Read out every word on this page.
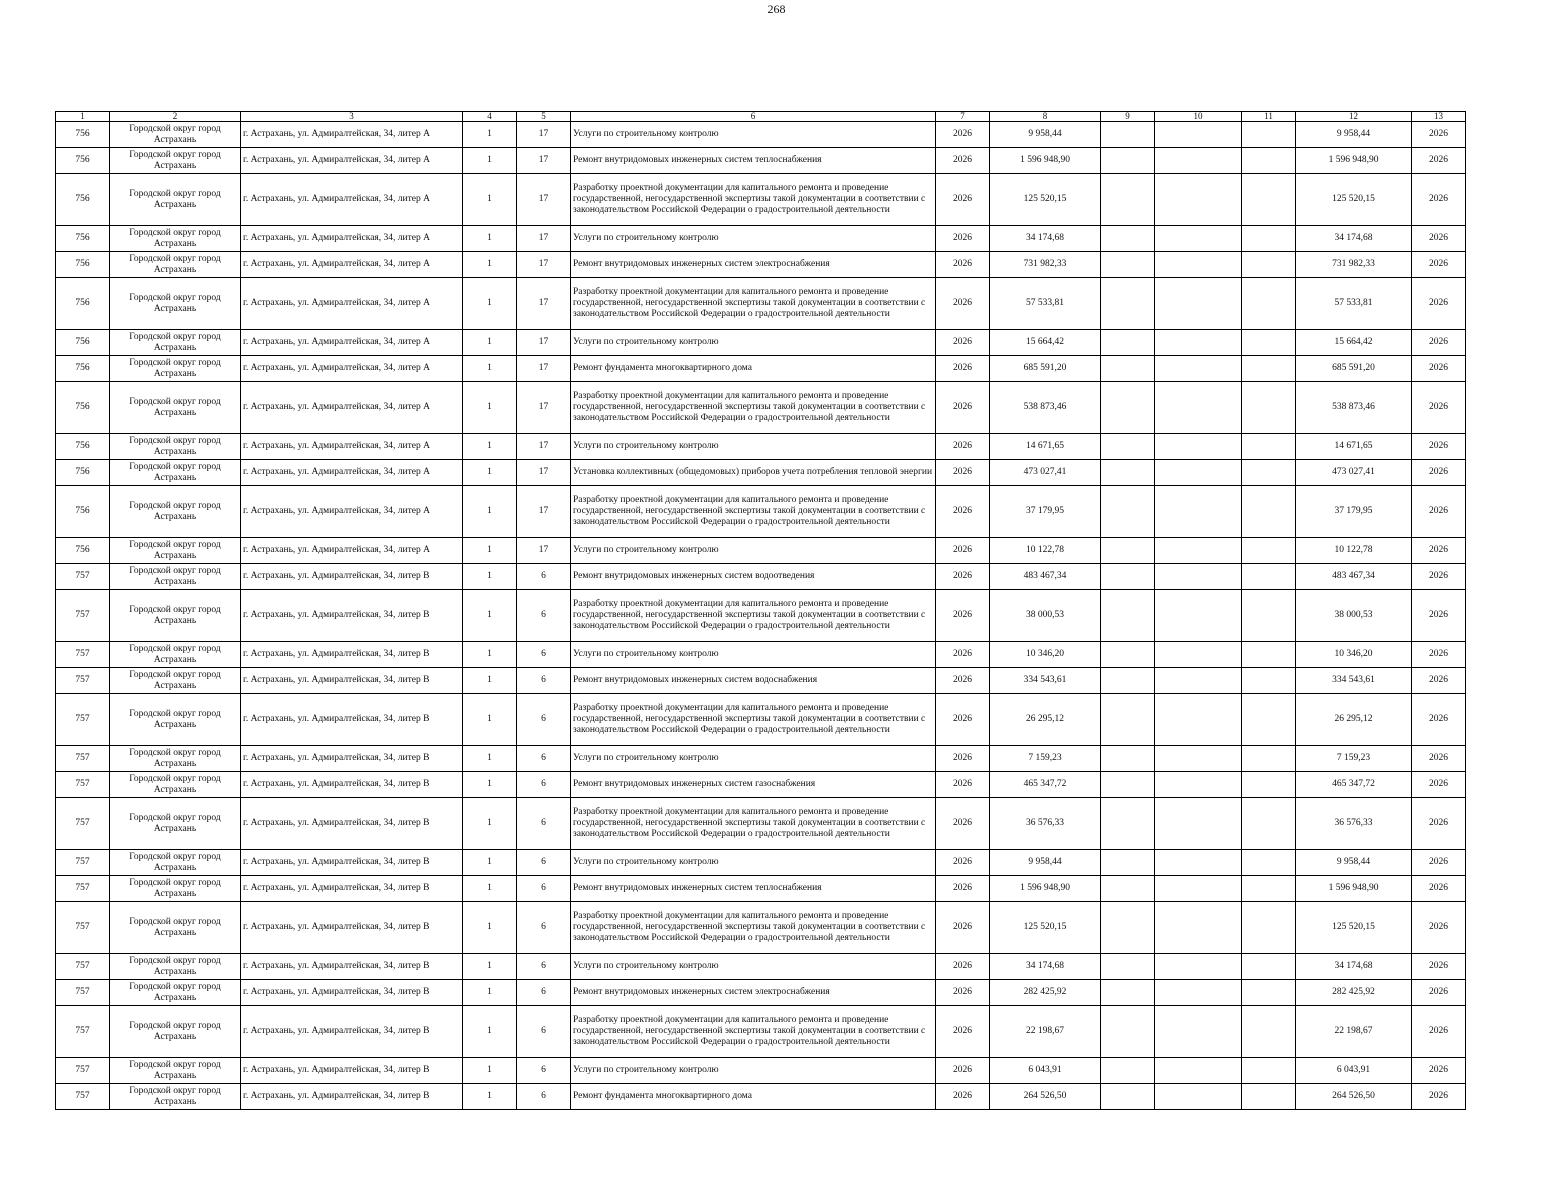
268
1	2	3	4	5	6	7	8	9	10	11	12	13
756	Городской округ город Астрахань	г. Астрахань, ул. Адмиралтейская, 34, литер А	1	17	Услуги по строительному контролю	2026	9 958,44				9 958,44	2026
756	Городской округ город Астрахань	г. Астрахань, ул. Адмиралтейская, 34, литер А	1	17	Ремонт внутридомовых инженерных систем теплоснабжения	2026	1 596 948,90				1 596 948,90	2026
756	Городской округ город Астрахань	г. Астрахань, ул. Адмиралтейская, 34, литер А	1	17	Разработку проектной документации для капитального ремонта и проведение государственной, негосударственной экспертизы такой документации в соответствии с законодательством Российской Федерации о градостроительной деятельности	2026	125 520,15				125 520,15	2026
756	Городской округ город Астрахань	г. Астрахань, ул. Адмиралтейская, 34, литер А	1	17	Услуги по строительному контролю	2026	34 174,68				34 174,68	2026
756	Городской округ город Астрахань	г. Астрахань, ул. Адмиралтейская, 34, литер А	1	17	Ремонт внутридомовых инженерных систем электроснабжения	2026	731 982,33				731 982,33	2026
756	Городской округ город Астрахань	г. Астрахань, ул. Адмиралтейская, 34, литер А	1	17	Разработку проектной документации для капитального ремонта и проведение государственной, негосударственной экспертизы такой документации в соответствии с законодательством Российской Федерации о градостроительной деятельности	2026	57 533,81				57 533,81	2026
756	Городской округ город Астрахань	г. Астрахань, ул. Адмиралтейская, 34, литер А	1	17	Услуги по строительному контролю	2026	15 664,42				15 664,42	2026
756	Городской округ город Астрахань	г. Астрахань, ул. Адмиралтейская, 34, литер А	1	17	Ремонт фундамента многоквартирного дома	2026	685 591,20				685 591,20	2026
756	Городской округ город Астрахань	г. Астрахань, ул. Адмиралтейская, 34, литер А	1	17	Разработку проектной документации для капитального ремонта и проведение государственной, негосударственной экспертизы такой документации в соответствии с законодательством Российской Федерации о градостроительной деятельности	2026	538 873,46				538 873,46	2026
756	Городской округ город Астрахань	г. Астрахань, ул. Адмиралтейская, 34, литер А	1	17	Услуги по строительному контролю	2026	14 671,65				14 671,65	2026
756	Городской округ город Астрахань	г. Астрахань, ул. Адмиралтейская, 34, литер А	1	17	Установка коллективных (общедомовых) приборов учета потребления тепловой энергии	2026	473 027,41				473 027,41	2026
756	Городской округ город Астрахань	г. Астрахань, ул. Адмиралтейская, 34, литер А	1	17	Разработку проектной документации для капитального ремонта и проведение государственной, негосударственной экспертизы такой документации в соответствии с законодательством Российской Федерации о градостроительной деятельности	2026	37 179,95				37 179,95	2026
756	Городской округ город Астрахань	г. Астрахань, ул. Адмиралтейская, 34, литер А	1	17	Услуги по строительному контролю	2026	10 122,78				10 122,78	2026
757	Городской округ город Астрахань	г. Астрахань, ул. Адмиралтейская, 34, литер В	1	6	Ремонт внутридомовых инженерных систем водоотведения	2026	483 467,34				483 467,34	2026
757	Городской округ город Астрахань	г. Астрахань, ул. Адмиралтейская, 34, литер В	1	6	Разработку проектной документации для капитального ремонта и проведение государственной, негосударственной экспертизы такой документации в соответствии с законодательством Российской Федерации о градостроительной деятельности	2026	38 000,53				38 000,53	2026
757	Городской округ город Астрахань	г. Астрахань, ул. Адмиралтейская, 34, литер В	1	6	Услуги по строительному контролю	2026	10 346,20				10 346,20	2026
757	Городской округ город Астрахань	г. Астрахань, ул. Адмиралтейская, 34, литер В	1	6	Ремонт внутридомовых инженерных систем водоснабжения	2026	334 543,61				334 543,61	2026
757	Городской округ город Астрахань	г. Астрахань, ул. Адмиралтейская, 34, литер В	1	6	Разработку проектной документации для капитального ремонта и проведение государственной, негосударственной экспертизы такой документации в соответствии с законодательством Российской Федерации о градостроительной деятельности	2026	26 295,12				26 295,12	2026
757	Городской округ город Астрахань	г. Астрахань, ул. Адмиралтейская, 34, литер В	1	6	Услуги по строительному контролю	2026	7 159,23				7 159,23	2026
757	Городской округ город Астрахань	г. Астрахань, ул. Адмиралтейская, 34, литер В	1	6	Ремонт внутридомовых инженерных систем газоснабжения	2026	465 347,72				465 347,72	2026
757	Городской округ город Астрахань	г. Астрахань, ул. Адмиралтейская, 34, литер В	1	6	Разработку проектной документации для капитального ремонта и проведение государственной, негосударственной экспертизы такой документации в соответствии с законодательством Российской Федерации о градостроительной деятельности	2026	36 576,33				36 576,33	2026
757	Городской округ город Астрахань	г. Астрахань, ул. Адмиралтейская, 34, литер В	1	6	Услуги по строительному контролю	2026	9 958,44				9 958,44	2026
757	Городской округ город Астрахань	г. Астрахань, ул. Адмиралтейская, 34, литер В	1	6	Ремонт внутридомовых инженерных систем теплоснабжения	2026	1 596 948,90				1 596 948,90	2026
757	Городской округ город Астрахань	г. Астрахань, ул. Адмиралтейская, 34, литер В	1	6	Разработку проектной документации для капитального ремонта и проведение государственной, негосударственной экспертизы такой документации в соответствии с законодательством Российской Федерации о градостроительной деятельности	2026	125 520,15				125 520,15	2026
757	Городской округ город Астрахань	г. Астрахань, ул. Адмиралтейская, 34, литер В	1	6	Услуги по строительному контролю	2026	34 174,68				34 174,68	2026
757	Городской округ город Астрахань	г. Астрахань, ул. Адмиралтейская, 34, литер В	1	6	Ремонт внутридомовых инженерных систем электроснабжения	2026	282 425,92				282 425,92	2026
757	Городской округ город Астрахань	г. Астрахань, ул. Адмиралтейская, 34, литер В	1	6	Разработку проектной документации для капитального ремонта и проведение государственной, негосударственной экспертизы такой документации в соответствии с законодательством Российской Федерации о градостроительной деятельности	2026	22 198,67				22 198,67	2026
757	Городской округ город Астрахань	г. Астрахань, ул. Адмиралтейская, 34, литер В	1	6	Услуги по строительному контролю	2026	6 043,91				6 043,91	2026
757	Городской округ город Астрахань	г. Астрахань, ул. Адмиралтейская, 34, литер В	1	6	Ремонт фундамента многоквартирного дома	2026	264 526,50				264 526,50	2026
